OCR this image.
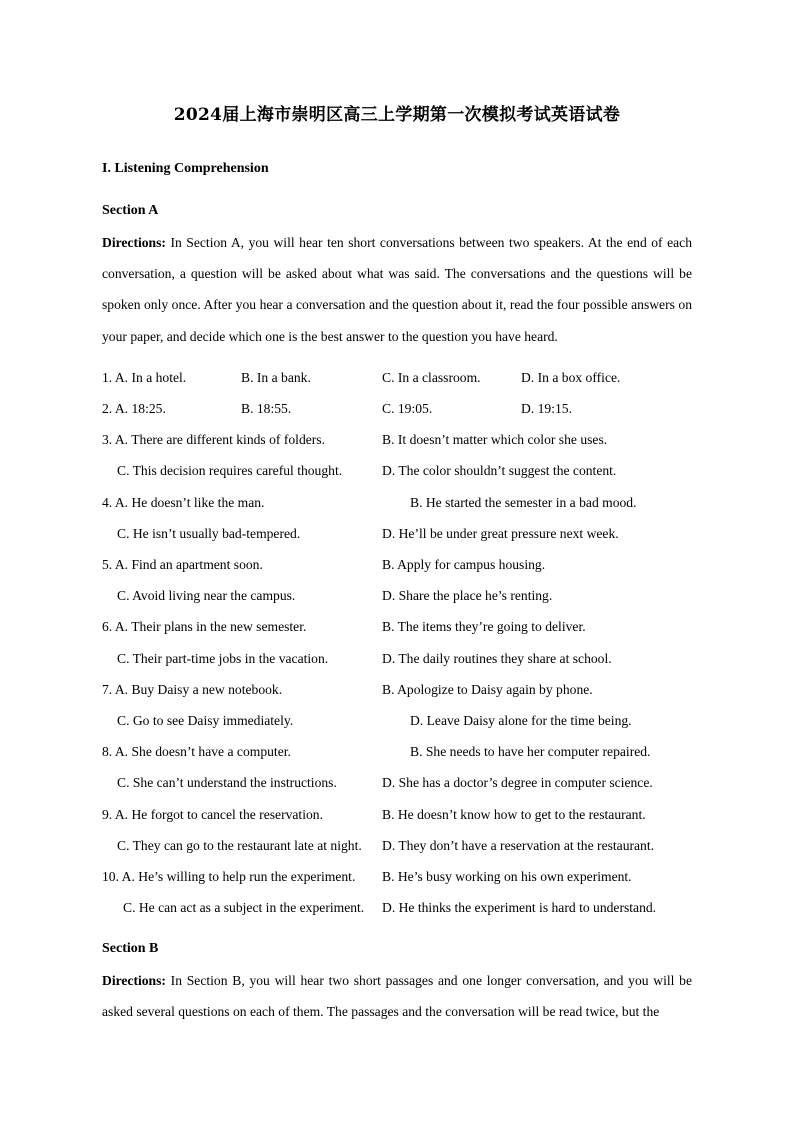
2024届上海市崇明区高三上学期第一次模拟考试英语试卷
I. Listening Comprehension
Section A
Directions: In Section A, you will hear ten short conversations between two speakers. At the end of each conversation, a question will be asked about what was said. The conversations and the questions will be spoken only once. After you hear a conversation and the question about it, read the four possible answers on your paper, and decide which one is the best answer to the question you have heard.
1. A. In a hotel.	B. In a bank.	C. In a classroom.	D. In a box office.
2. A. 18:25.	B. 18:55.	C. 19:05.	D. 19:15.
3. A. There are different kinds of folders.	B. It doesn’t matter which color she uses.
C. This decision requires careful thought.	D. The color shouldn’t suggest the content.
4. A. He doesn’t like the man.	B. He started the semester in a bad mood.
C. He isn’t usually bad-tempered.	D. He’ll be under great pressure next week.
5. A. Find an apartment soon.	B. Apply for campus housing.
C. Avoid living near the campus.	D. Share the place he’s renting.
6. A. Their plans in the new semester.	B. The items they’re going to deliver.
C. Their part-time jobs in the vacation.	D. The daily routines they share at school.
7. A. Buy Daisy a new notebook.	B. Apologize to Daisy again by phone.
C. Go to see Daisy immediately.	D. Leave Daisy alone for the time being.
8. A. She doesn’t have a computer.	B. She needs to have her computer repaired.
C. She can’t understand the instructions.	D. She has a doctor’s degree in computer science.
9. A. He forgot to cancel the reservation.	B. He doesn’t know how to get to the restaurant.
C. They can go to the restaurant late at night. D. They don’t have a reservation at the restaurant.
10. A. He’s willing to help run the experiment. B. He’s busy working on his own experiment.
C. He can act as a subject in the experiment. D. He thinks the experiment is hard to understand.
Section B
Directions: In Section B, you will hear two short passages and one longer conversation, and you will be asked several questions on each of them. The passages and the conversation will be read twice, but the
